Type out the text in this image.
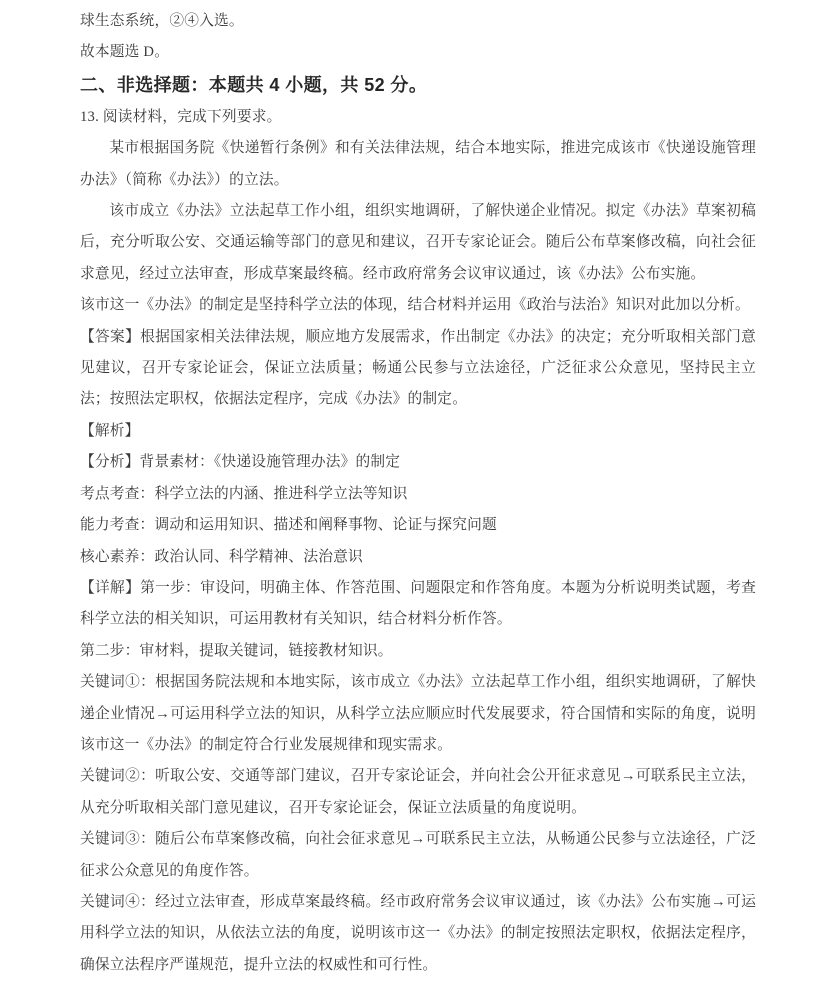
球生态系统，②④入选。

故本题选 D。

二、非选择题：本题共 4 小题，共 52 分。

13. 阅读材料，完成下列要求。

某市根据国务院《快递暂行条例》和有关法律法规，结合本地实际，推进完成该市《快递设施管理办法》（简称《办法》）的立法。

该市成立《办法》立法起草工作小组，组织实地调研，了解快递企业情况。拟定《办法》草案初稿后，充分听取公安、交通运输等部门的意见和建议，召开专家论证会。随后公布草案修改稿，向社会征求意见，经过立法审查，形成草案最终稿。经市政府常务会议审议通过，该《办法》公布实施。

该市这一《办法》的制定是坚持科学立法的体现，结合材料并运用《政治与法治》知识对此加以分析。

【答案】根据国家相关法律法规，顺应地方发展需求，作出制定《办法》的决定；充分听取相关部门意见建议，召开专家论证会，保证立法质量；畅通公民参与立法途径，广泛征求公众意见，坚持民主立法；按照法定职权，依据法定程序，完成《办法》的制定。

【解析】

【分析】背景素材：《快递设施管理办法》的制定

考点考查：科学立法的内涵、推进科学立法等知识

能力考查：调动和运用知识、描述和阐释事物、论证与探究问题

核心素养：政治认同、科学精神、法治意识

【详解】第一步：审设问，明确主体、作答范围、问题限定和作答角度。本题为分析说明类试题，考查科学立法的相关知识，可运用教材有关知识，结合材料分析作答。

第二步：审材料，提取关键词，链接教材知识。

关键词①：根据国务院法规和本地实际，该市成立《办法》立法起草工作小组，组织实地调研，了解快递企业情况→可运用科学立法的知识，从科学立法应顺应时代发展要求，符合国情和实际的角度，说明该市这一《办法》的制定符合行业发展规律和现实需求。

关键词②：听取公安、交通等部门建议，召开专家论证会，并向社会公开征求意见→可联系民主立法，从充分听取相关部门意见建议，召开专家论证会，保证立法质量的角度说明。

关键词③：随后公布草案修改稿，向社会征求意见→可联系民主立法，从畅通公民参与立法途径，广泛征求公众意见的角度作答。

关键词④：经过立法审查，形成草案最终稿。经市政府常务会议审议通过，该《办法》公布实施→可运用科学立法的知识，从依法立法的角度，说明该市这一《办法》的制定按照法定职权，依据法定程序，确保立法程序严谨规范，提升立法的权威性和可行性。
